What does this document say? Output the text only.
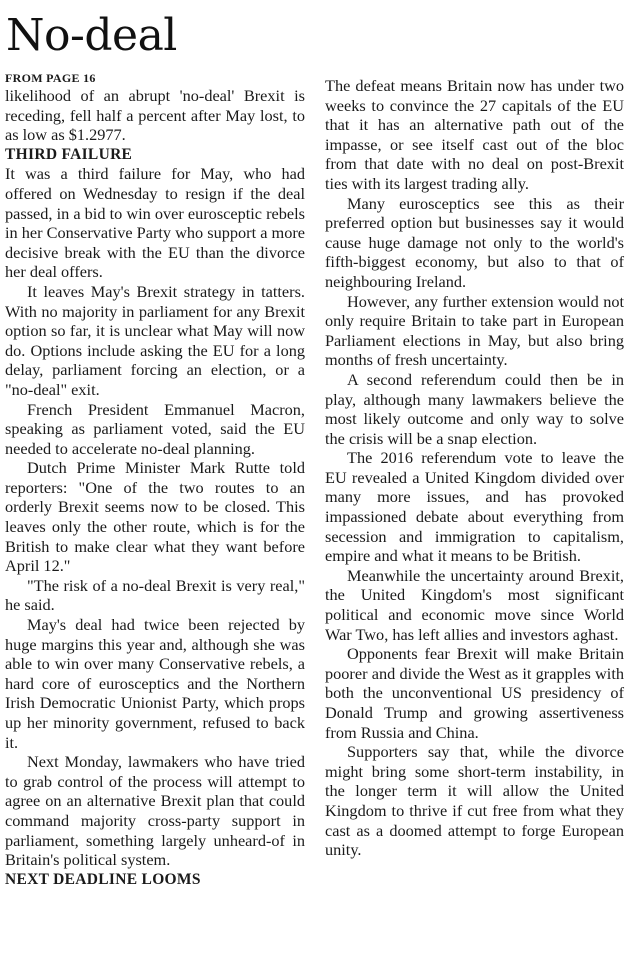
No-deal

FROM PAGE 16

likelihood of an abrupt 'no-deal' Brexit is receding, fell half a percent after May lost, to as low as $1.2977.

THIRD FAILURE

It was a third failure for May, who had offered on Wednesday to resign if the deal passed, in a bid to win over eurosceptic rebels in her Conservative Party who support a more decisive break with the EU than the divorce her deal offers.

It leaves May's Brexit strategy in tatters. With no majority in parliament for any Brexit option so far, it is unclear what May will now do. Options include asking the EU for a long delay, parliament forcing an election, or a "no-deal" exit.

French President Emmanuel Macron, speaking as parliament voted, said the EU needed to accelerate no-deal planning.

Dutch Prime Minister Mark Rutte told reporters: "One of the two routes to an orderly Brexit seems now to be closed. This leaves only the other route, which is for the British to make clear what they want before April 12."

"The risk of a no-deal Brexit is very real," he said.

May's deal had twice been rejected by huge margins this year and, although she was able to win over many Conservative rebels, a hard core of eurosceptics and the Northern Irish Democratic Unionist Party, which props up her minority government, refused to back it.

Next Monday, lawmakers who have tried to grab control of the process will attempt to agree on an alternative Brexit plan that could command majority cross-party support in parliament, something largely unheard-of in Britain's political system.

NEXT DEADLINE LOOMS

The defeat means Britain now has under two weeks to convince the 27 capitals of the EU that it has an alternative path out of the impasse, or see itself cast out of the bloc from that date with no deal on post-Brexit ties with its largest trading ally.

Many eurosceptics see this as their preferred option but businesses say it would cause huge damage not only to the world's fifth-biggest economy, but also to that of neighbouring Ireland.

However, any further extension would not only require Britain to take part in European Parliament elections in May, but also bring months of fresh uncertainty.

A second referendum could then be in play, although many lawmakers believe the most likely outcome and only way to solve the crisis will be a snap election.

The 2016 referendum vote to leave the EU revealed a United Kingdom divided over many more issues, and has provoked impassioned debate about everything from secession and immigration to capitalism, empire and what it means to be British.

Meanwhile the uncertainty around Brexit, the United Kingdom's most significant political and economic move since World War Two, has left allies and investors aghast.

Opponents fear Brexit will make Britain poorer and divide the West as it grapples with both the unconventional US presidency of Donald Trump and growing assertiveness from Russia and China.

Supporters say that, while the divorce might bring some short-term instability, in the longer term it will allow the United Kingdom to thrive if cut free from what they cast as a doomed attempt to forge European unity.
